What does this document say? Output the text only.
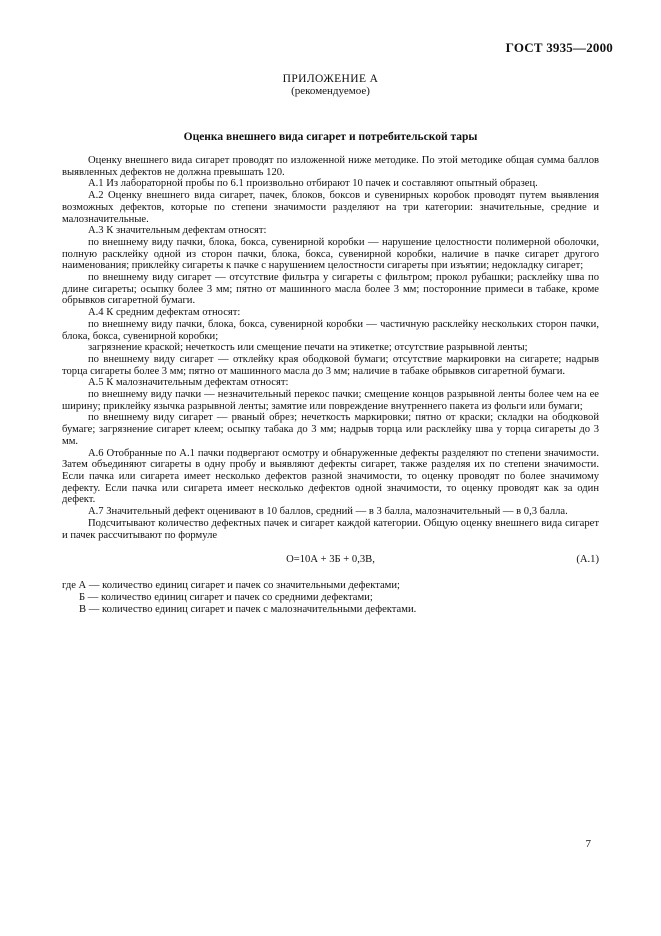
ГОСТ 3935—2000
ПРИЛОЖЕНИЕ А
(рекомендуемое)
Оценка внешнего вида сигарет и потребительской тары

Оценку внешнего вида сигарет проводят по изложенной ниже методике. По этой методике общая сумма баллов выявленных дефектов не должна превышать 120.

А.1 Из лабораторной пробы по 6.1 произвольно отбирают 10 пачек и составляют опытный образец.

А.2 Оценку внешнего вида сигарет, пачек, блоков, боксов и сувенирных коробок проводят путем выявления возможных дефектов, которые по степени значимости разделяют на три категории: значительные, средние и малозначительные.

А.3 К значительным дефектам относят:

по внешнему виду пачки, блока, бокса, сувенирной коробки — нарушение целостности полимерной оболочки, полную расклейку одной из сторон пачки, блока, бокса, сувенирной коробки, наличие в пачке сигарет другого наименования; приклейку сигареты к пачке с нарушением целостности сигареты при изъятии; недокладку сигарет;

по внешнему виду сигарет — отсутствие фильтра у сигареты с фильтром; прокол рубашки; расклейку шва по длине сигареты; осыпку более 3 мм; пятно от машинного масла более 3 мм; посторонние примеси в табаке, кроме обрывков сигаретной бумаги.

А.4 К средним дефектам относят:

по внешнему виду пачки, блока, бокса, сувенирной коробки — частичную расклейку нескольких сторон пачки, блока, бокса, сувенирной коробки;

загрязнение краской; нечеткость или смещение печати на этикетке; отсутствие разрывной ленты;

по внешнему виду сигарет — отклейку края ободковой бумаги; отсутствие маркировки на сигарете; надрыв торца сигареты более 3 мм; пятно от машинного масла до 3 мм; наличие в табаке обрывков сигаретной бумаги.

А.5 К малозначительным дефектам относят:

по внешнему виду пачки — незначительный перекос пачки; смещение концов разрывной ленты более чем на ее ширину; приклейку язычка разрывной ленты; замятие или повреждение внутреннего пакета из фольги или бумаги;

по внешнему виду сигарет — рваный обрез; нечеткость маркировки; пятно от краски; складки на ободковой бумаге; загрязнение сигарет клеем; осыпку табака до 3 мм; надрыв торца или расклейку шва у торца сигареты до 3 мм.

А.6 Отобранные по А.1 пачки подвергают осмотру и обнаруженные дефекты разделяют по степени значимости. Затем объединяют сигареты в одну пробу и выявляют дефекты сигарет, также разделяя их по степени значимости. Если пачка или сигарета имеет несколько дефектов разной значимости, то оценку проводят по более значимому дефекту. Если пачка или сигарета имеет несколько дефектов одной значимости, то оценку проводят как за один дефект.

А.7 Значительный дефект оценивают в 10 баллов, средний — в 3 балла, малозначительный — в 0,3 балла.

Подсчитывают количество дефектных пачек и сигарет каждой категории. Общую оценку внешнего вида сигарет и пачек рассчитывают по формуле

О=10А + 3Б + 0,3В,	(А.1)

где А — количество единиц сигарет и пачек со значительными дефектами;

Б — количество единиц сигарет и пачек со средними дефектами;

В — количество единиц сигарет и пачек с малозначительными дефектами.

7
